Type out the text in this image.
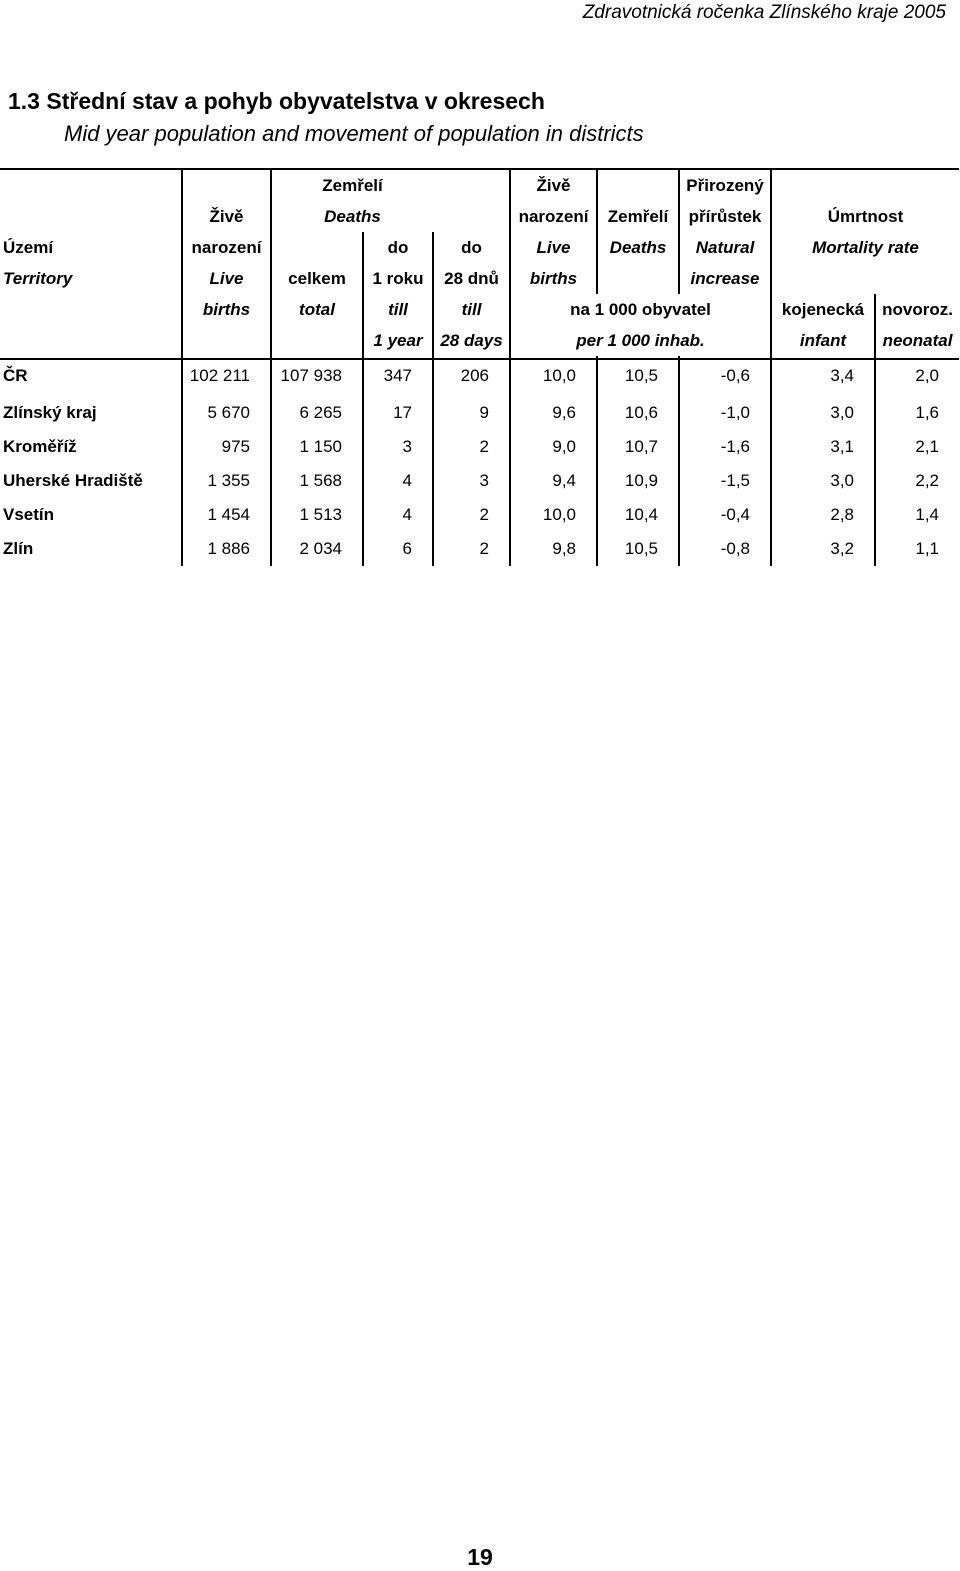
Zdravotnická ročenka Zlínského kraje 2005
1.3 Střední stav a pohyb obyvatelstva v okresech
Mid year population and movement of population in districts
		Zemřelí			Živě		Přirozený		
	Živě	Deaths			narození	Zemřelí	přírůstek	Úmrtnost	
Území	narození		do	do	Live	Deaths	Natural	Mortality rate	
Territory	Live	celkem	1 roku	28 dnů	births		increase		
	births	total	till	till	na 1 000 obyvatel			kojenecká	novoroz.
			1 year	28 days	per 1 000 inhab.			infant	neonatal
ČR	102 211	107 938	347	206	10,0	10,5	-0,6	3,4	2,0
Zlínský kraj	5 670	6 265	17	9	9,6	10,6	-1,0	3,0	1,6
Kroměříž	975	1 150	3	2	9,0	10,7	-1,6	3,1	2,1
Uherské Hradiště	1 355	1 568	4	3	9,4	10,9	-1,5	3,0	2,2
Vsetín	1 454	1 513	4	2	10,0	10,4	-0,4	2,8	1,4
Zlín	1 886	2 034	6	2	9,8	10,5	-0,8	3,2	1,1
19
